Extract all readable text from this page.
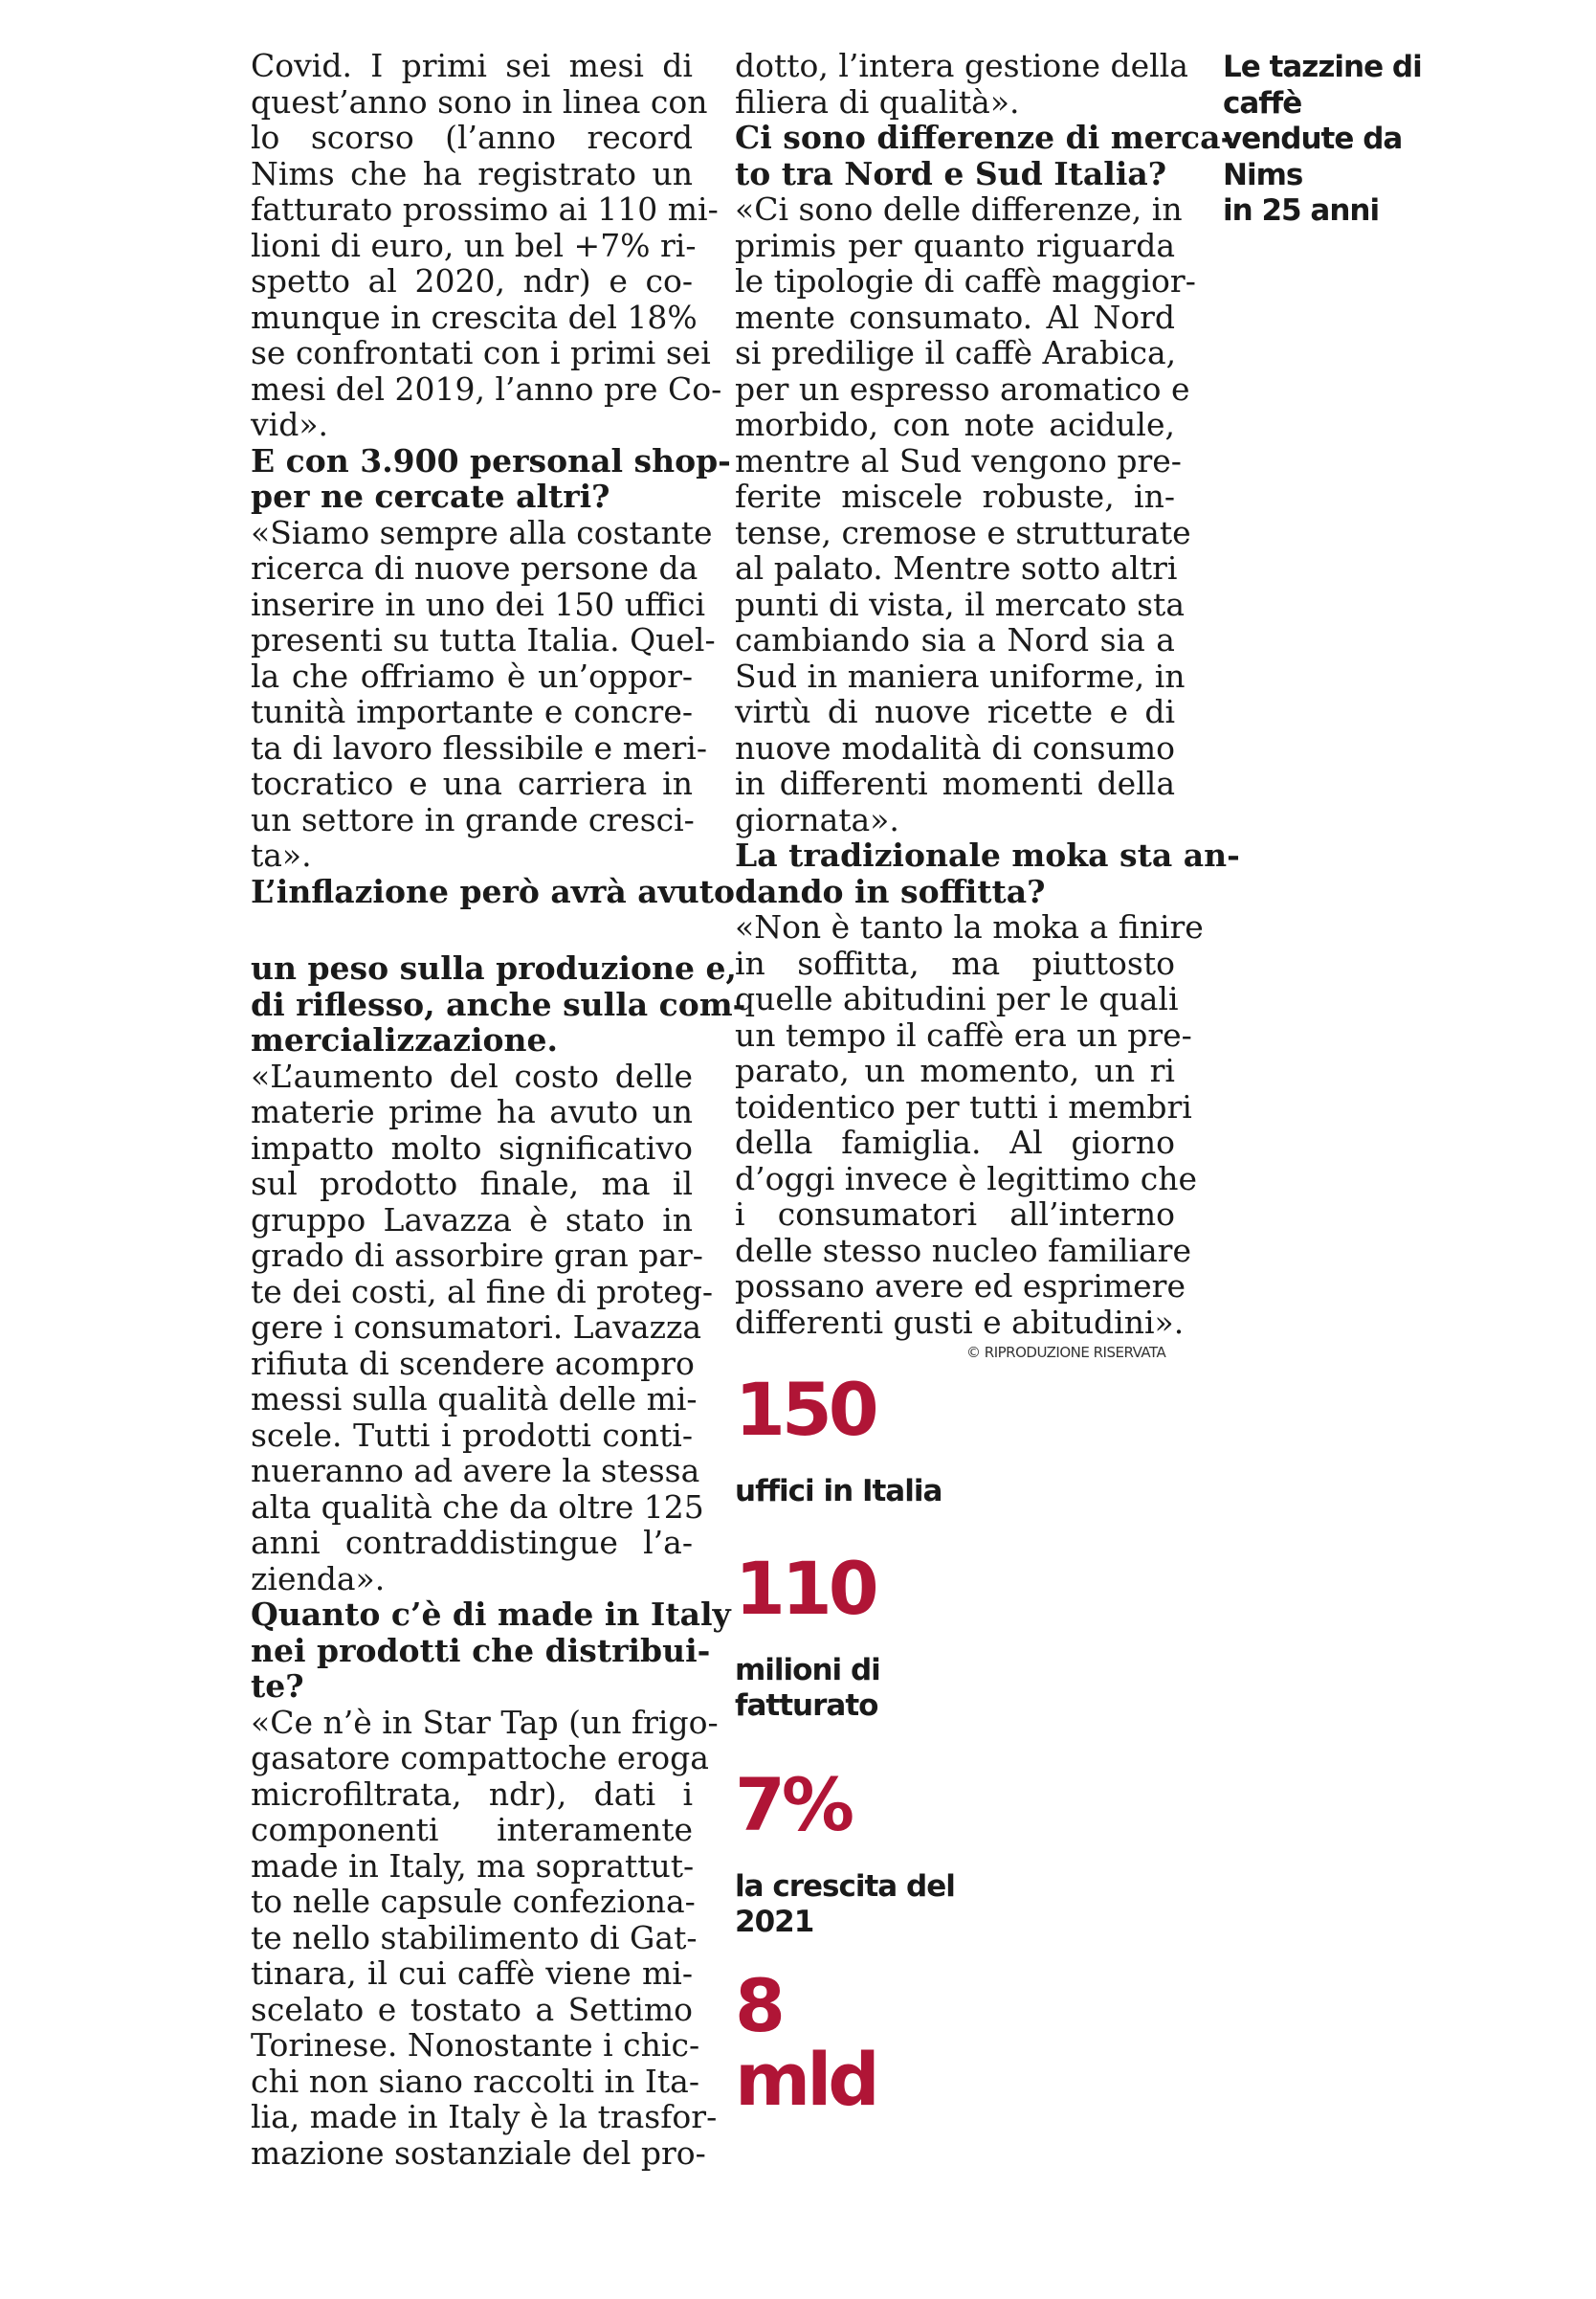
Covid. I primi sei mesi di
quest’anno sono in linea con
lo scorso (l’anno record
Nims che ha registrato un
fatturato prossimo ai 110 mi-
lioni di euro, un bel +7% ri-
spetto al 2020, ndr) e co-
munque in crescita del 18%
se confrontati con i primi sei
mesi del 2019, l’anno pre Co-
vid».
E con 3.900 personal shop-
per ne cercate altri?
«Siamo sempre alla costante
ricerca di nuove persone da
inserire in uno dei 150 uffici
presenti su tutta Italia. Quel-
la che offriamo è un’oppor-
tunità importante e concre-
ta di lavoro flessibile e meri-
tocratico e una carriera in
un settore in grande cresci-
ta».
L’inflazione però avrà avuto
un peso sulla produzione e,
di riflesso, anche sulla com-
mercializzazione.
«L’aumento del costo delle
materie prime ha avuto un
impatto molto significativo
sul prodotto finale, ma il
gruppo Lavazza è stato in
grado di assorbire gran par-
te dei costi, al fine di proteg-
gere i consumatori. Lavazza
rifiuta di scendere acompro
messi sulla qualità delle mi-
scele. Tutti i prodotti conti-
nueranno ad avere la stessa
alta qualità che da oltre 125
anni contraddistingue l’a-
zienda».
Quanto c’è di made in Italy
nei prodotti che distribui-
te?
«Ce n’è in Star Tap (un frigo-
gasatore compattoche eroga
microfiltrata, ndr), dati i
componenti interamente
made in Italy, ma soprattut-
to nelle capsule confeziona-
te nello stabilimento di Gat-
tinara, il cui caffè viene mi-
scelato e tostato a Settimo
Torinese. Nonostante i chic-
chi non siano raccolti in Ita-
lia, made in Italy è la trasfor-
mazione sostanziale del pro-
dotto, l’intera gestione della
filiera di qualità».
Ci sono differenze di merca-
to tra Nord e Sud Italia?
«Ci sono delle differenze, in
primis per quanto riguarda
le tipologie di caffè maggior-
mente consumato. Al Nord
si predilige il caffè Arabica,
per un espresso aromatico e
morbido, con note acidule,
mentre al Sud vengono pre-
ferite miscele robuste, in-
tense, cremose e strutturate
al palato. Mentre sotto altri
punti di vista, il mercato sta
cambiando sia a Nord sia a
Sud in maniera uniforme, in
virtù di nuove ricette e di
nuove modalità di consumo
in differenti momenti della
giornata».
La tradizionale moka sta an-
dando in soffitta?
«Non è tanto la moka a finire
in soffitta, ma piuttosto
quelle abitudini per le quali
un tempo il caffè era un pre-
parato, un momento, un ri
toidentico per tutti i membri
della famiglia. Al giorno
d’oggi invece è legittimo che
i consumatori all’interno
delle stesso nucleo familiare
possano avere ed esprimere
differenti gusti e abitudini».
© RIPRODUZIONE RISERVATA
150
uffici in Italia
110
milioni di
fatturato
7%
la crescita del
2021
8
mld
Le tazzine di
caffè
vendute da
Nims
in 25 anni
